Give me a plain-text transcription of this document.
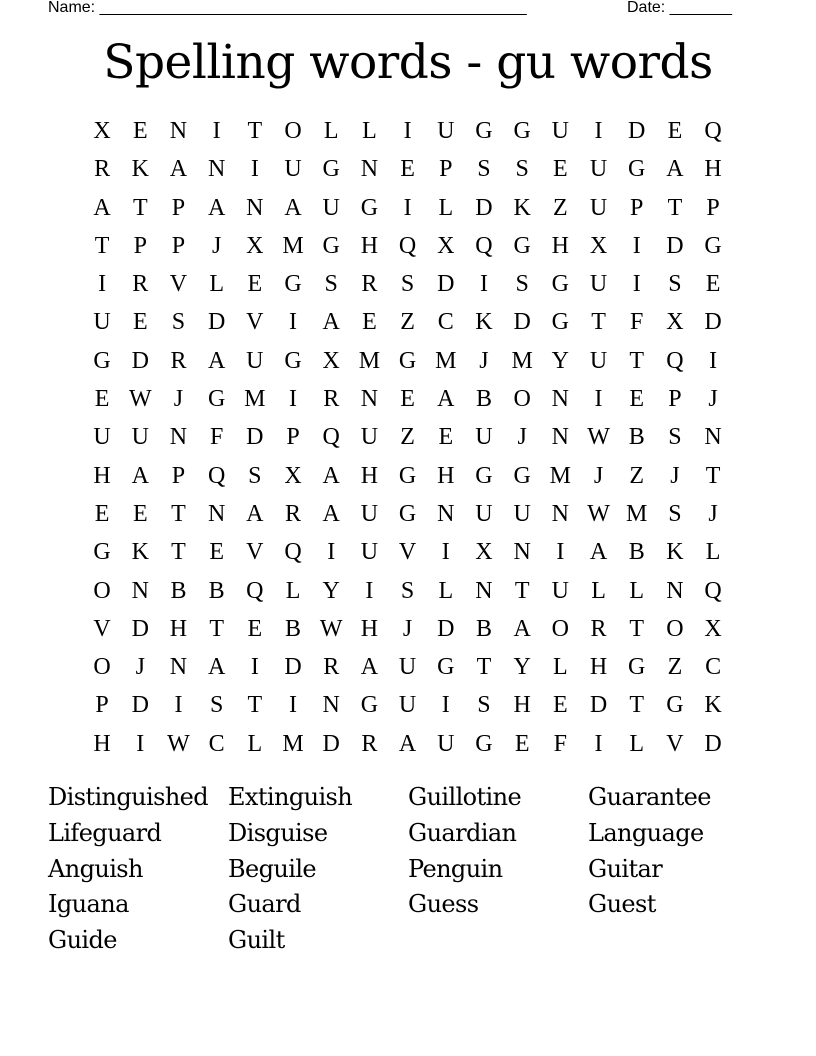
Name: ________________________________________________	Date: _______
Spelling words - gu words
X E N	I	T O L L	I	U G G U	I	D E Q
R K A N	I	U G N E	P	S	S	E U G A H
A T	P A N A U G	I	L D K Z U P	T	P
T	P	P	J	X M G H Q X Q G H X	I	D G
I	R V L E G S R S D	I	S G U	I	S	E
U E	S D V	I	A E Z C K D G T	F X D
G D R A U G X M G M J M Y U T Q	I
E W J	G M I	R N E A B O N	I	E	P	J
U U N F D P Q U Z E U	J	N W B S N
H A P Q S X A H G H G G M J	Z	J	T
E E T N A R A U G N U U N W M S	J
G K T E V Q	I	U V	I	X N	I	A B K L
O N B B Q L Y	I	S	L N T U L L N Q
V D H T E B W H	J	D B A O R T O X
O	J	N A	I	D R A U G T Y L H G Z C
P D	I	S	T	I	N G U	I	S H E D T G K
H	I W C L M D R A U G E	F	I	L V D
Distinguished Extinguish	Guillotine	Guarantee
Lifeguard	Disguise	Guardian	Language
Anguish	Beguile	Penguin	Guitar
Iguana	Guard	Guess	Guest
Guide	Guilt
